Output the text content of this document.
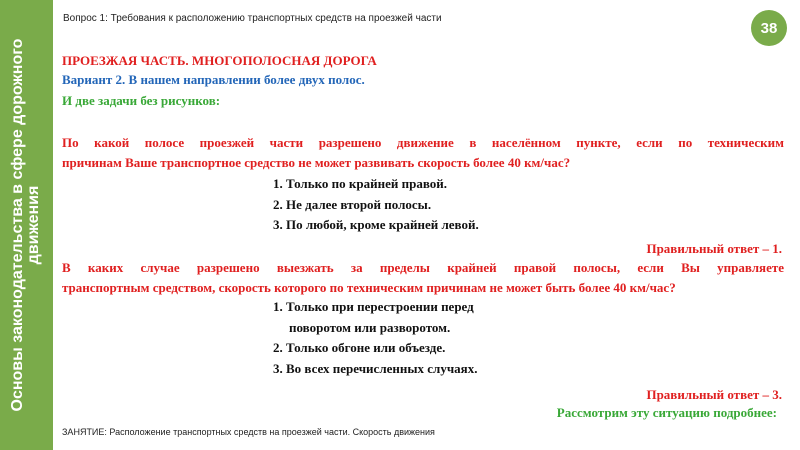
Основы законодательства в сфере дорожного движения
Вопрос 1: Требования к расположению транспортных средств на проезжей части
38
ПРОЕЗЖАЯ ЧАСТЬ. МНОГОПОЛОСНАЯ ДОРОГА
Вариант 2. В нашем направлении более двух полос.
И две задачи без рисунков:
По какой полосе проезжей части разрешено движение в населённом пункте, если по техническим
причинам Ваше транспортное средство не может развивать скорость более 40 км/час?
1. Только по крайней правой.
2. Не далее второй полосы.
3. По любой, кроме крайней левой.
Правильный ответ – 1.
В каких случае разрешено выезжать за пределы крайней правой полосы, если Вы управляете
транспортным средством, скорость которого по техническим причинам не может быть более 40 км/час?
1. Только при перестроении перед
поворотом или разворотом.
2. Только обгоне или объезде.
3. Во всех перечисленных случаях.
Правильный ответ – 3.
Рассмотрим эту ситуацию подробнее:
ЗАНЯТИЕ: Расположение транспортных средств на проезжей части. Скорость движения
